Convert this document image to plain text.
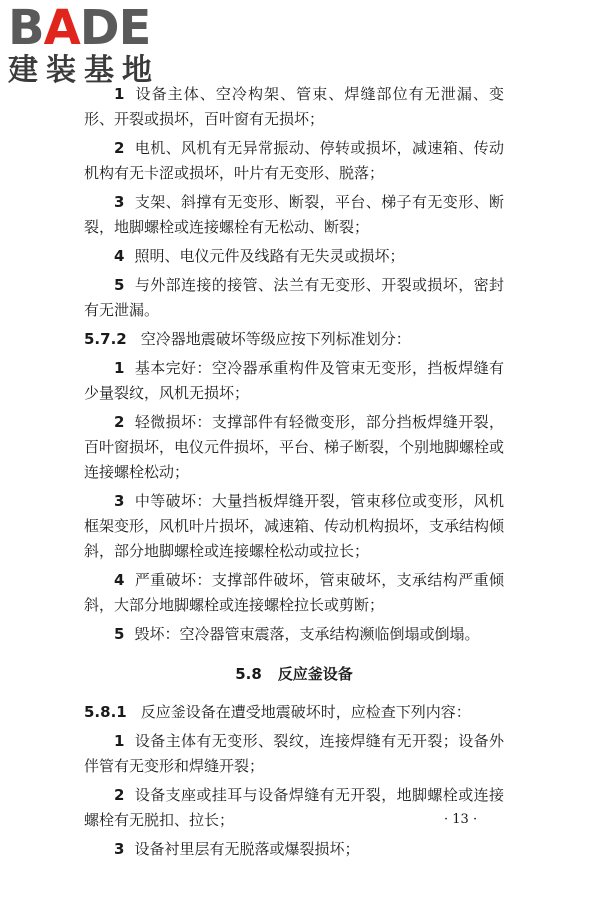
BADE
建装基地

1 设备主体、空冷构架、管束、焊缝部位有无泄漏、变形、开裂或损坏，百叶窗有无损坏；

2 电机、风机有无异常振动、停转或损坏，减速箱、传动机构有无卡涩或损坏，叶片有无变形、脱落；

3 支架、斜撑有无变形、断裂，平台、梯子有无变形、断裂，地脚螺栓或连接螺栓有无松动、断裂；

4 照明、电仪元件及线路有无失灵或损坏；

5 与外部连接的接管、法兰有无变形、开裂或损坏，密封有无泄漏。

5.7.2 空冷器地震破坏等级应按下列标准划分：

1 基本完好：空冷器承重构件及管束无变形，挡板焊缝有少量裂纹，风机无损坏；

2 轻微损坏：支撑部件有轻微变形，部分挡板焊缝开裂，百叶窗损坏，电仪元件损坏，平台、梯子断裂，个别地脚螺栓或连接螺栓松动；

3 中等破坏：大量挡板焊缝开裂，管束移位或变形，风机框架变形，风机叶片损坏，减速箱、传动机构损坏，支承结构倾斜，部分地脚螺栓或连接螺栓松动或拉长；

4 严重破坏：支撑部件破坏，管束破坏，支承结构严重倾斜，大部分地脚螺栓或连接螺栓拉长或剪断；

5 毁坏：空冷器管束震落，支承结构濒临倒塌或倒塌。

5.8 反应釜设备

5.8.1 反应釜设备在遭受地震破坏时，应检查下列内容：

1 设备主体有无变形、裂纹，连接焊缝有无开裂；设备外伴管有无变形和焊缝开裂；

2 设备支座或挂耳与设备焊缝有无开裂，地脚螺栓或连接螺栓有无脱扣、拉长；

3 设备衬里层有无脱落或爆裂损坏；

· 13 ·
